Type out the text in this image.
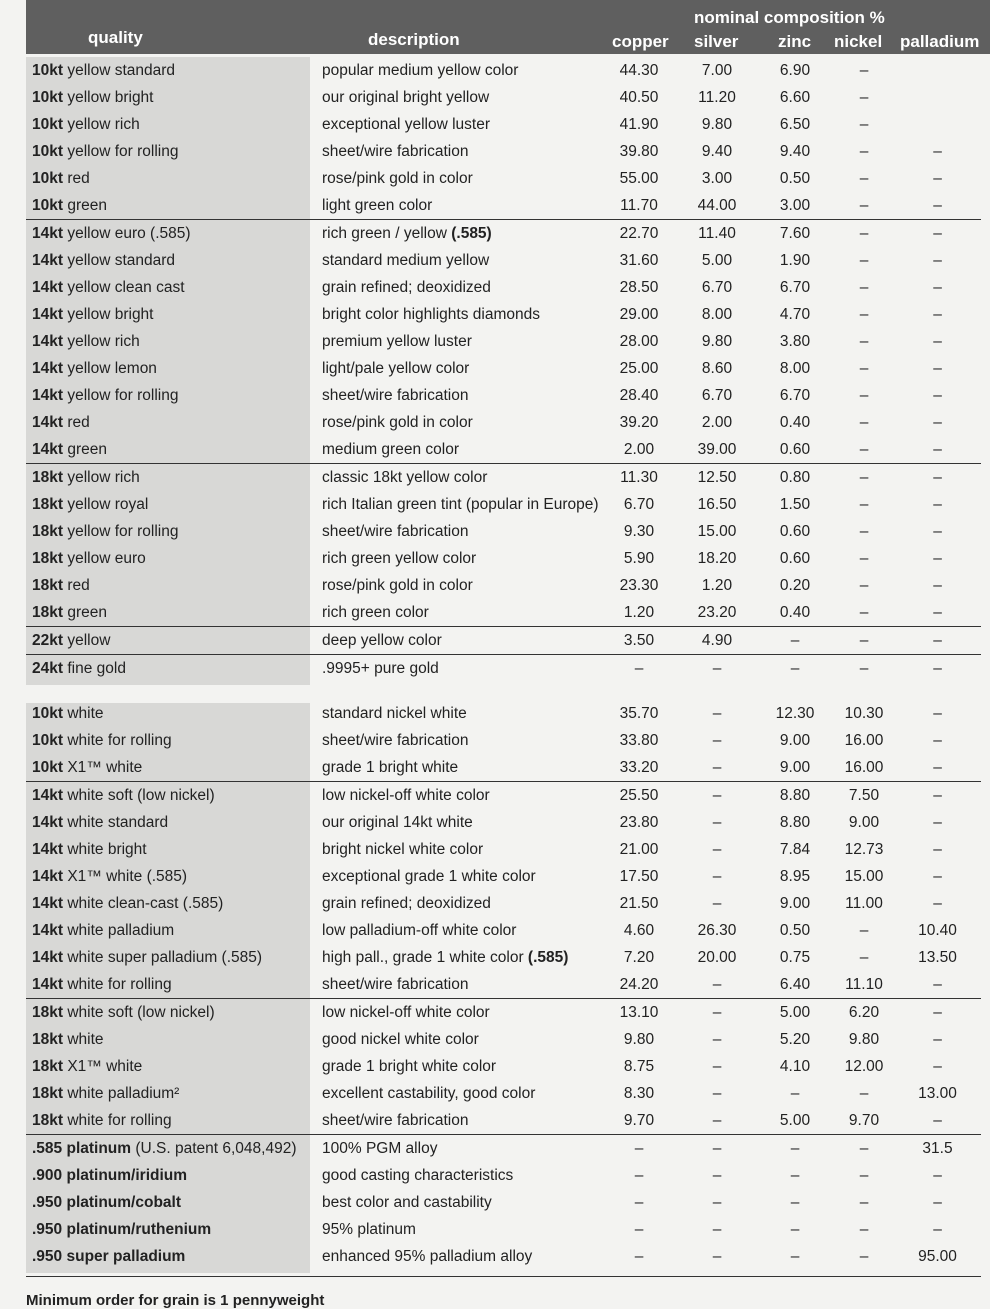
quality	description
nominal composition %
copper silver zinc nickel palladium
10kt yellow standard	popular medium yellow color	44.30	7.00	6.90	–	
10kt yellow bright	our original bright yellow	40.50	11.20	6.60	–	
10kt yellow rich	exceptional yellow luster	41.90	9.80	6.50	–	
10kt yellow for rolling	sheet/wire fabrication	39.80	9.40	9.40	–	–
10kt red	rose/pink gold in color	55.00	3.00	0.50	–	–
10kt green	light green color	11.70	44.00	3.00	–	–
14kt yellow euro (.585)	rich green / yellow (.585)	22.70	11.40	7.60	–	–
14kt yellow standard	standard medium yellow	31.60	5.00	1.90	–	–
14kt yellow clean cast	grain refined; deoxidized	28.50	6.70	6.70	–	–
14kt yellow bright	bright color highlights diamonds	29.00	8.00	4.70	–	–
14kt yellow rich	premium yellow luster	28.00	9.80	3.80	–	–
14kt yellow lemon	light/pale yellow color	25.00	8.60	8.00	–	–
14kt yellow for rolling	sheet/wire fabrication	28.40	6.70	6.70	–	–
14kt red	rose/pink gold in color	39.20	2.00	0.40	–	–
14kt green	medium green color	2.00	39.00	0.60	–	–
18kt yellow rich	classic 18kt yellow color	11.30	12.50	0.80	–	–
18kt yellow royal	rich Italian green tint (popular in Europe)	6.70	16.50	1.50	–	–
18kt yellow for rolling	sheet/wire fabrication	9.30	15.00	0.60	–	–
18kt yellow euro	rich green yellow color	5.90	18.20	0.60	–	–
18kt red	rose/pink gold in color	23.30	1.20	0.20	–	–
18kt green	rich green color	1.20	23.20	0.40	–	–
22kt yellow	deep yellow color	3.50	4.90	–	–	–
24kt fine gold	.9995+ pure gold	–	–	–	–	–

10kt white	standard nickel white	35.70	–	12.30	10.30	–
10kt white for rolling	sheet/wire fabrication	33.80	–	9.00	16.00	–
10kt X1™ white	grade 1 bright white	33.20	–	9.00	16.00	–
14kt white soft (low nickel)	low nickel-off white color	25.50	–	8.80	7.50	–
14kt white standard	our original 14kt white	23.80	–	8.80	9.00	–
14kt white bright	bright nickel white color	21.00	–	7.84	12.73	–
14kt X1™ white (.585)	exceptional grade 1 white color	17.50	–	8.95	15.00	–
14kt white clean-cast (.585)	grain refined; deoxidized	21.50	–	9.00	11.00	–
14kt white palladium	low palladium-off white color	4.60	26.30	0.50	–	10.40
14kt white super palladium (.585)	high pall., grade 1 white color (.585)	7.20	20.00	0.75	–	13.50
14kt white for rolling	sheet/wire fabrication	24.20	–	6.40	11.10	–
18kt white soft (low nickel)	low nickel-off white color	13.10	–	5.00	6.20	–
18kt white	good nickel white color	9.80	–	5.20	9.80	–
18kt X1™ white	grade 1 bright white color	8.75	–	4.10	12.00	–
18kt white palladium²	excellent castability, good color	8.30	–	–	–	13.00
18kt white for rolling	sheet/wire fabrication	9.70	–	5.00	9.70	–
.585 platinum (U.S. patent 6,048,492)	100% PGM alloy	–	–	–	–	31.5
.900 platinum/iridium	good casting characteristics	–	–	–	–	–
.950 platinum/cobalt	best color and castability	–	–	–	–	–
.950 platinum/ruthenium	95% platinum	–	–	–	–	–
.950 super palladium	enhanced 95% palladium alloy	–	–	–	–	95.00
Minimum order for grain is 1 pennyweight
